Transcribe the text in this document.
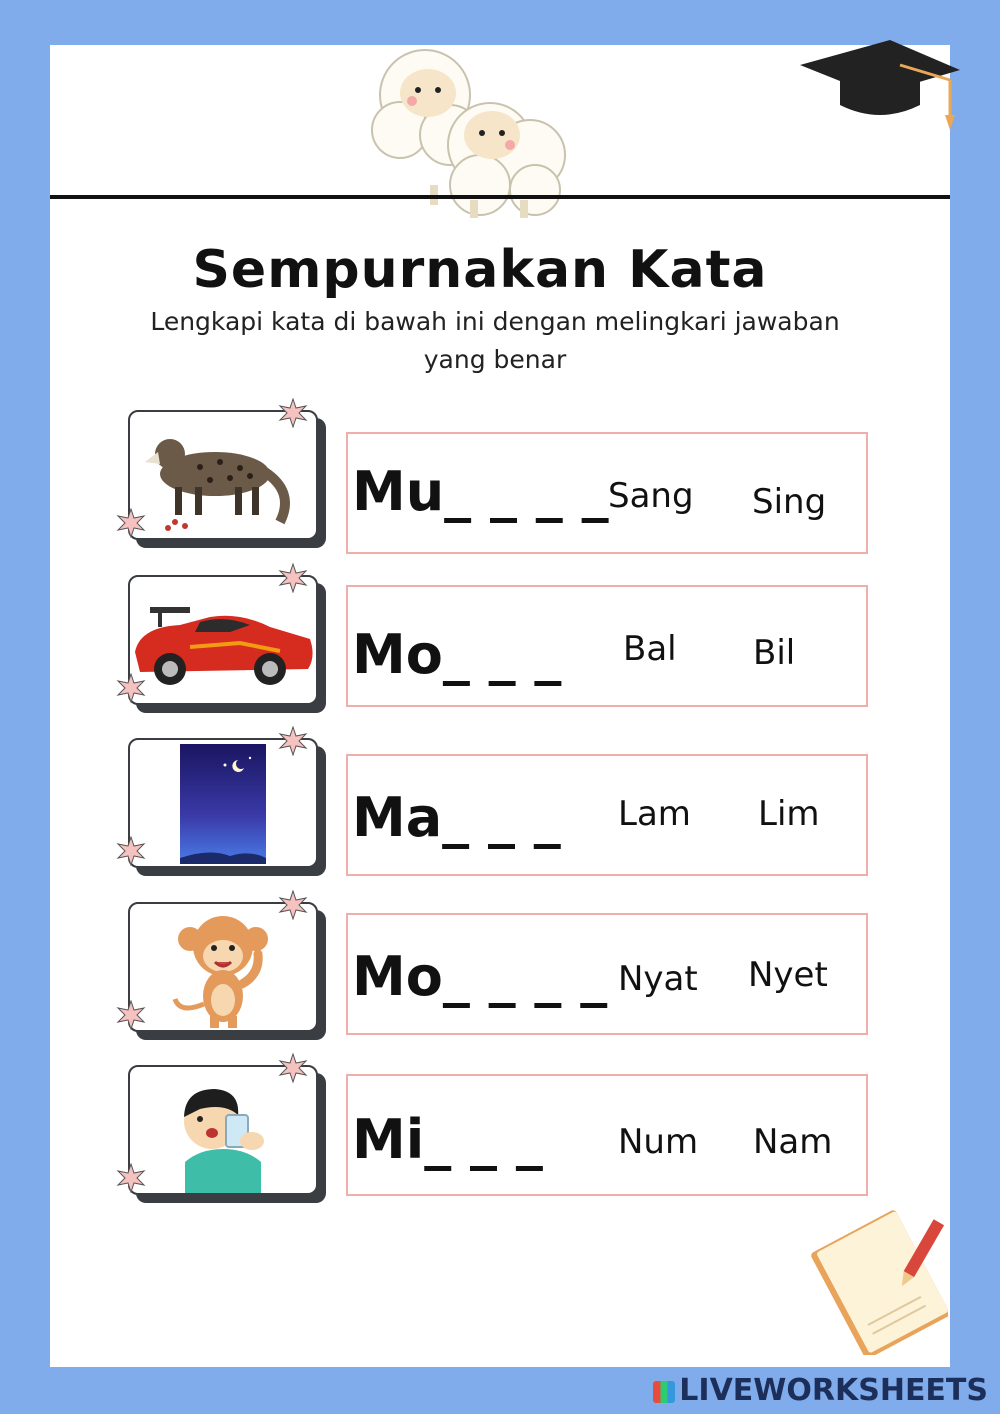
Sempurnakan Kata
Lengkapi kata di bawah ini dengan melingkari jawaban yang benar
Mu_ _ _ _ Sang Sing
Mo_ _ _ Bal Bil
Ma_ _ _ Lam Lim
Mo_ _ _ _ Nyat Nyet
Mi_ _ _ Num Nam
LIVEWORKSHEETS
